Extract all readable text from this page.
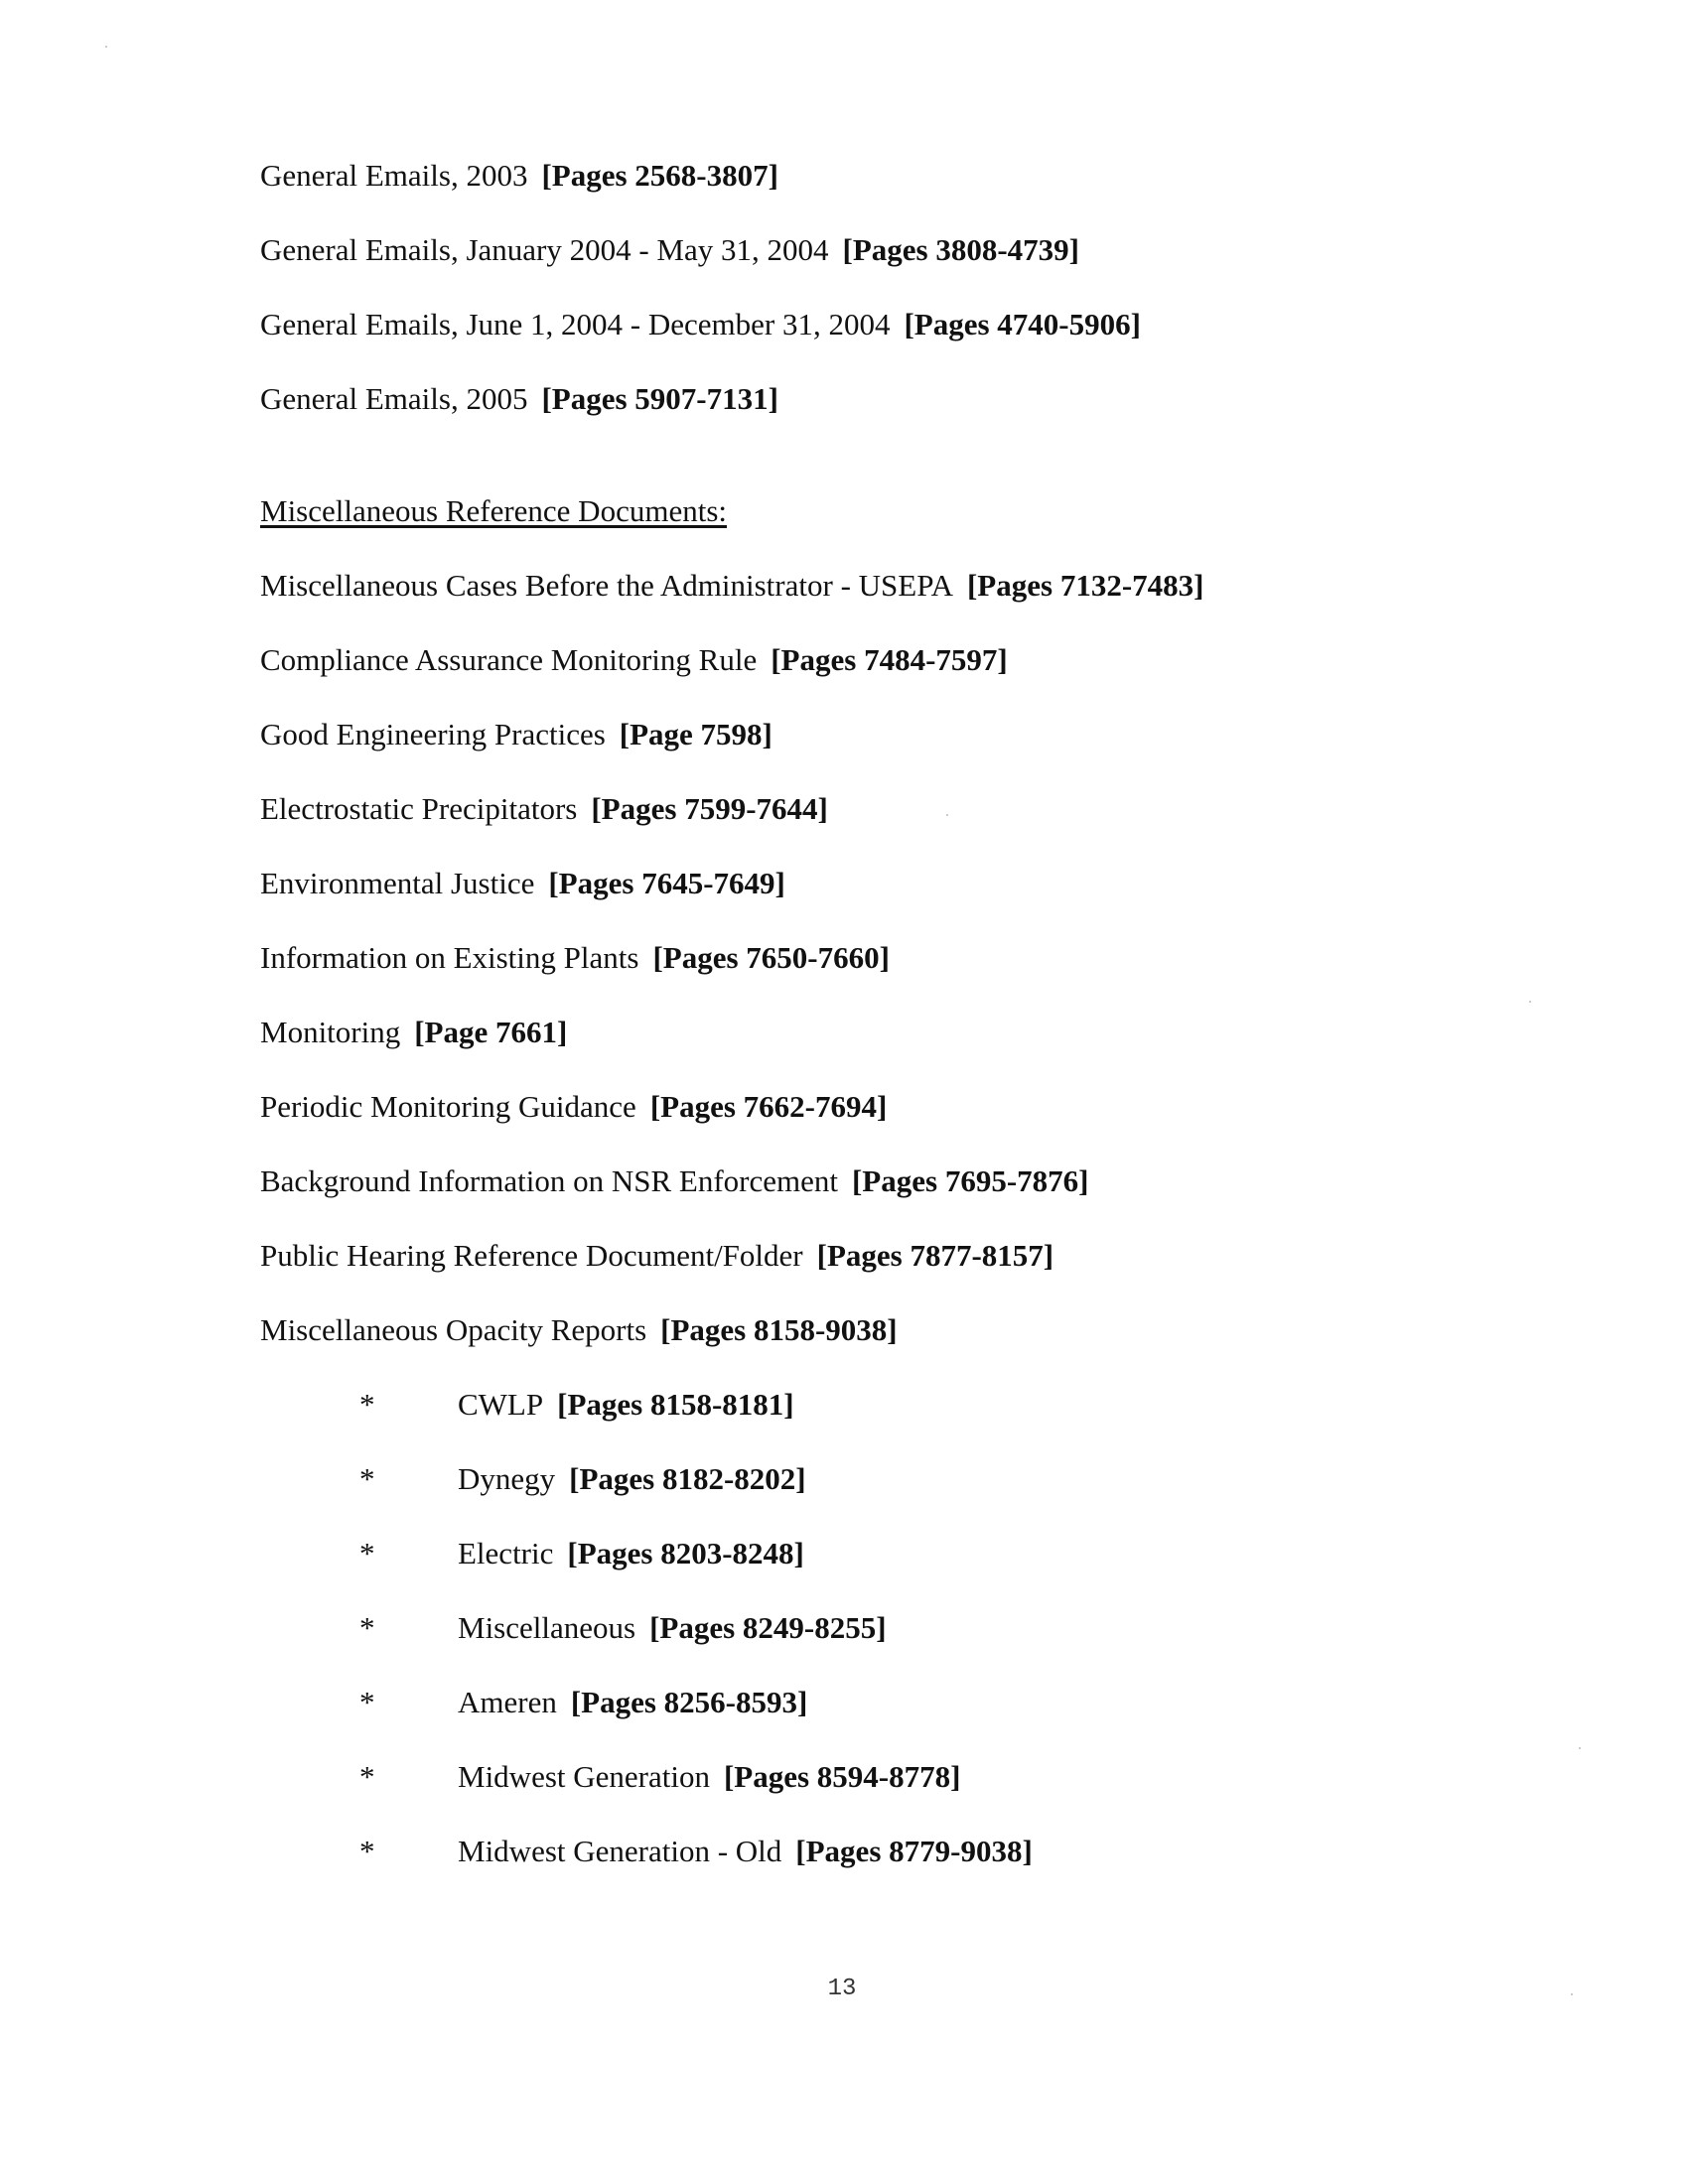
General Emails, 2003 [Pages 2568-3807]
General Emails, January 2004 - May 31, 2004 [Pages 3808-4739]
General Emails, June 1, 2004 - December 31, 2004 [Pages 4740-5906]
General Emails, 2005 [Pages 5907-7131]
Miscellaneous Reference Documents:
Miscellaneous Cases Before the Administrator - USEPA [Pages 7132-7483]
Compliance Assurance Monitoring Rule [Pages 7484-7597]
Good Engineering Practices [Page 7598]
Electrostatic Precipitators [Pages 7599-7644]
Environmental Justice [Pages 7645-7649]
Information on Existing Plants [Pages 7650-7660]
Monitoring [Page 7661]
Periodic Monitoring Guidance [Pages 7662-7694]
Background Information on NSR Enforcement [Pages 7695-7876]
Public Hearing Reference Document/Folder [Pages 7877-8157]
Miscellaneous Opacity Reports [Pages 8158-9038]
*	CWLP [Pages 8158-8181]
*	Dynegy [Pages 8182-8202]
*	Electric [Pages 8203-8248]
*	Miscellaneous [Pages 8249-8255]
*	Ameren [Pages 8256-8593]
*	Midwest Generation [Pages 8594-8778]
*	Midwest Generation - Old [Pages 8779-9038]
13
